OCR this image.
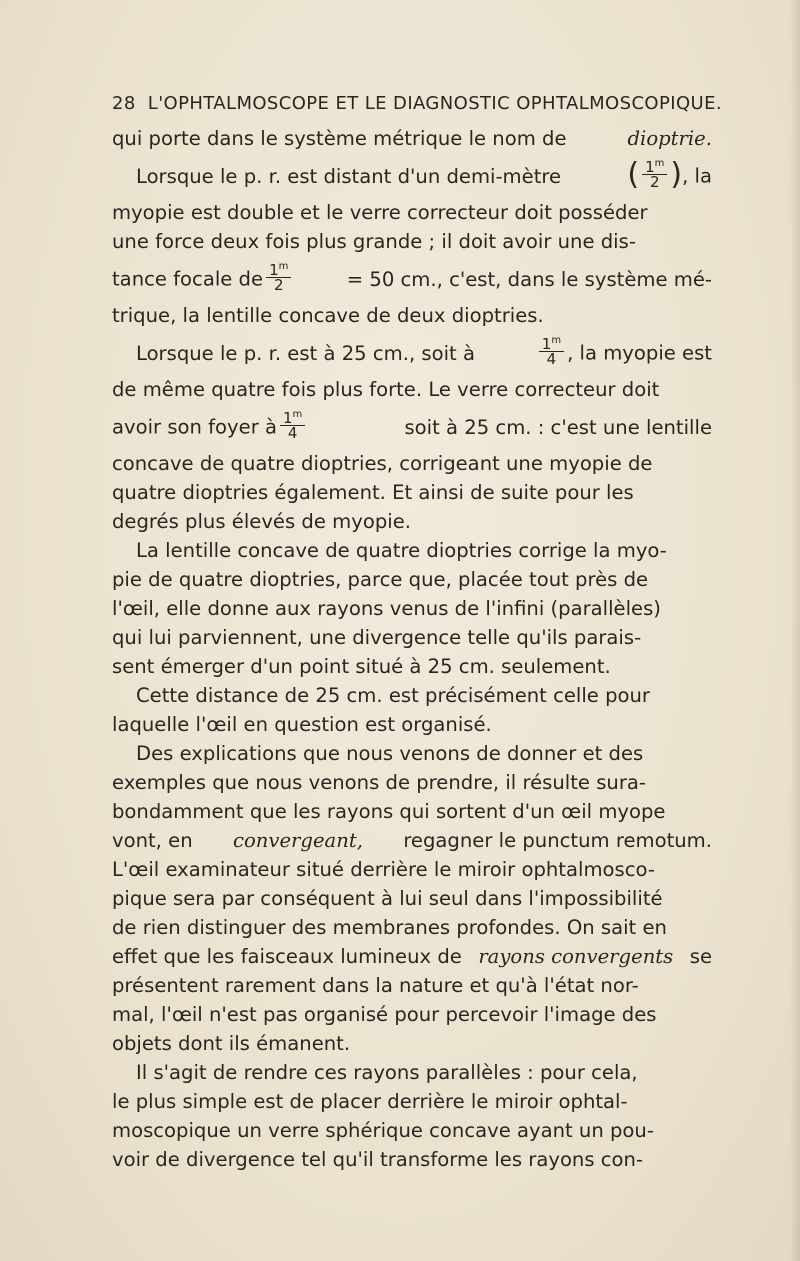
28 L'OPHTALMOSCOPE ET LE DIAGNOSTIC OPHTALMOSCOPIQUE.
qui porte dans le système métrique le nom de	dioptrie.
Lorsque le p. r. est distant d'un demi-mètre ( $\frac{1^m}{2}$ ), la
myopie est double et le verre correcteur doit posséder
une force deux fois plus grande ; il doit avoir une dis-
tance focale de $\frac{1^m}{2}$	= 50 cm., c'est, dans le système mé-
trique, la lentille concave de deux dioptries.
Lorsque le p. r. est à 25 cm., soit à	$\frac{1^m}{4}$ , la myopie est
de même quatre fois plus forte. Le verre correcteur doit
avoir son foyer à $\frac{1^m}{4}$	soit à 25 cm. : c'est une lentille
concave de quatre dioptries, corrigeant une myopie de
quatre dioptries également. Et ainsi de suite pour les
degrés plus élevés de myopie.
La lentille concave de quatre dioptries corrige la myo-
pie de quatre dioptries, parce que, placée tout près de
l'œil, elle donne aux rayons venus de l'infini (parallèles)
qui lui parviennent, une divergence telle qu'ils parais-
sent émerger d'un point situé à 25 cm. seulement.
Cette distance de 25 cm. est précisément celle pour
laquelle l'œil en question est organisé.
Des explications que nous venons de donner et des
exemples que nous venons de prendre, il résulte sura-
bondamment que les rayons qui sortent d'un œil myope
vont, en convergeant, regagner le punctum remotum.
L'œil examinateur situé derrière le miroir ophtalmosco-
pique sera par conséquent à lui seul dans l'impossibilité
de rien distinguer des membranes profondes. On sait en
effet que les faisceaux lumineux de rayons convergents se
présentent rarement dans la nature et qu'à l'état nor-
mal, l'œil n'est pas organisé pour percevoir l'image des
objets dont ils émanent.
Il s'agit de rendre ces rayons parallèles : pour cela,
le plus simple est de placer derrière le miroir ophtal-
moscopique un verre sphérique concave ayant un pou-
voir de divergence tel qu'il transforme les rayons con-
